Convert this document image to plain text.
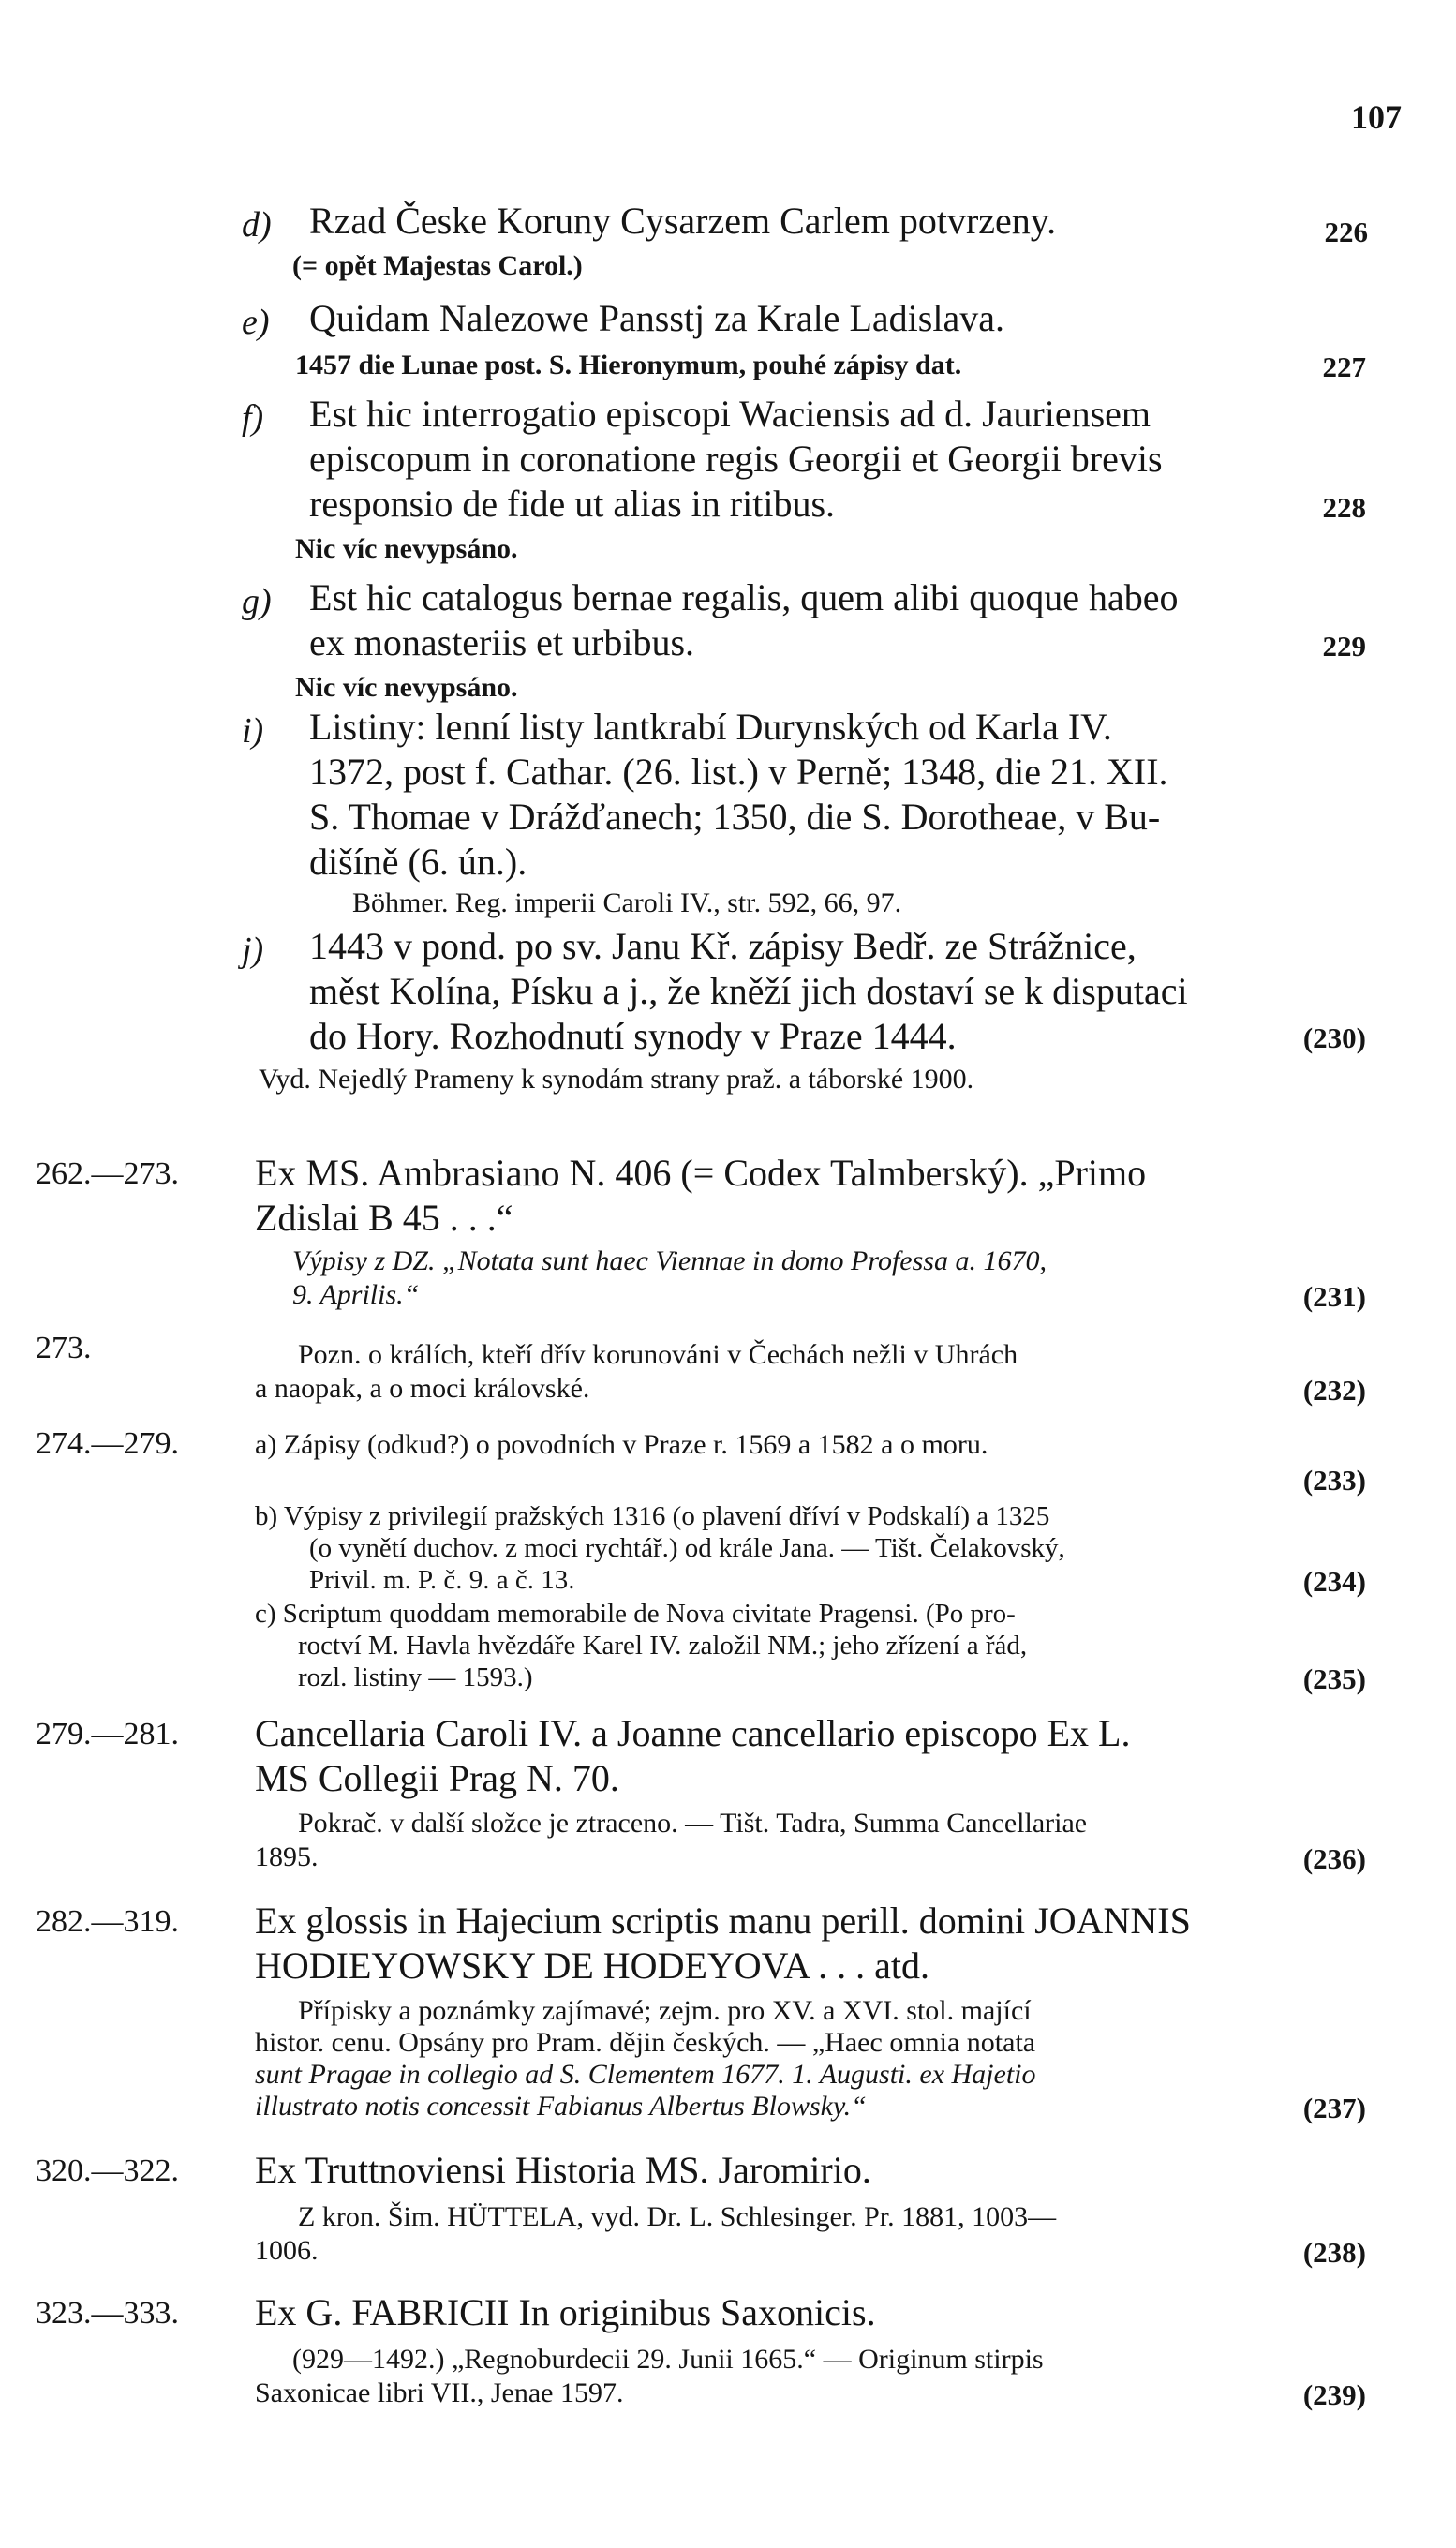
107
d)	Rzad Českе Koruny Cysarzem Carlem potvrzeny.	226
(= opět Majestas Carol.)
e)	Quidam Nalezowe Pansstj za Krale Ladislava.
1457 die Lunae post. S. Hieronymum, pouhé zápisy dat.	227
f)	Est hic interrogatio episcopi Waciensis ad d. Jauriensem
episcopum in coronatione regis Georgii et Georgii brevis
responsio de fide ut alias in ritibus.	228
Nic víc nevypsáno.
g)	Est hic catalogus bernae regalis, quem alibi quoque habeo
ex monasteriis et urbibus.	229
Nic víc nevypsáno.
i)	Listiny: lenní listy lantkrabí Durynských od Karla IV.
1372, post f. Cathar. (26. list.) v Perně; 1348, die 21. XII.
S. Thomae v Drážďanech; 1350, die S. Dorotheae, v Bu-
dišíně (6. ún.).
Böhmer. Reg. imperii Caroli IV., str. 592, 66, 97.
j)	1443 v pond. po sv. Janu Kř. zápisy Bedř. ze Strážnice,
měst Kolína, Písku a j., že kněží jich dostaví se k disputaci
do Hory. Rozhodnutí synody v Praze 1444.	(230)
Vyd. Nejedlý Prameny k synodám strany praž. a táborské 1900.
262.—273.	Ex MS. Ambrasiano N. 406 (= Codex Talmberský). „Primo
Zdislai B 45 . . .“
Výpisy z DZ. „Notata sunt haec Viennae in domo Professa a. 1670,
9. Aprilis.“	(231)
273.	Pozn. o králích, kteří dřív korunováni v Čechách nežli v Uhrách
a naopak, a o moci královské.	(232)
274.—279.	a) Zápisy (odkud?) o povodních v Praze r. 1569 a 1582 a o moru.
(233)
b) Výpisy z privilegií pražských 1316 (o plavení dříví v Podskalí) a 1325
(o vynětí duchov. z moci rychtář.) od krále Jana. — Tišt. Čelakovský,
Privil. m. P. č. 9. a č. 13.	(234)
c) Scriptum quoddam memorabile de Nova civitate Pragensi. (Po pro-
roctví M. Havla hvězdáře Karel IV. založil NM.; jeho zřízení a řád,
rozl. listiny — 1593.)	(235)
279.—281.	Cancellaria Caroli IV. a Joanne cancellario episcopo Ex L.
MS Collegii Prag N. 70.
Pokrač. v další složce je ztraceno. — Tišt. Tadra, Summa Cancellariae
1895.	(236)
282.—319.	Ex glossis in Hajecium scriptis manu perill. domini JOANNIS
HODIEYOWSKY DE HODEYOVA . . . atd.
Přípisky a poznámky zajímavé; zejm. pro XV. a XVI. stol. mající
histor. cenu. Opsány pro Pram. dějin českých. — „Haec omnia notata
sunt Pragae in collegio ad S. Clementem 1677. 1. Augusti. ex Hajetio
illustrato notis concessit Fabianus Albertus Blowsky.“	(237)
320.—322.	Ex Truttnoviensi Historia MS. Jaromirio.
Z kron. Šim. HÜTTELA, vyd. Dr. L. Schlesinger. Pr. 1881, 1003—
1006.	(238)
323.—333.	Ex G. FABRICII In originibus Saxonicis.
(929—1492.) „Regnoburdecii 29. Junii 1665.“ — Originum stirpis
Saxonicae libri VII., Jenae 1597.	(239)
